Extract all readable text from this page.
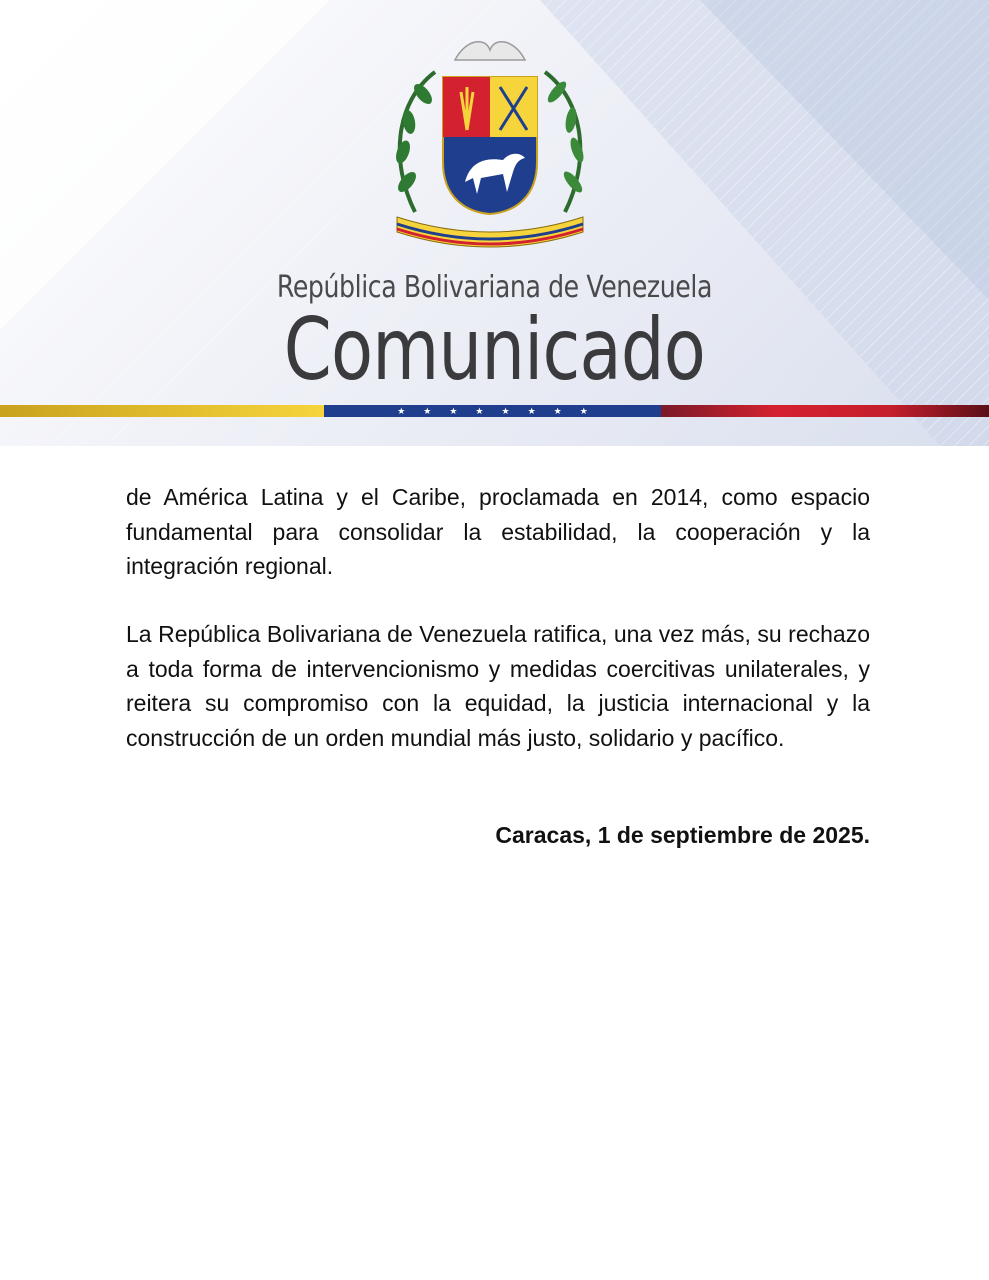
República Bolivariana de Venezuela
Comunicado
★ ★ ★ ★ ★ ★ ★ ★

de América Latina y el Caribe, proclamada en 2014, como espacio fundamental para consolidar la estabilidad, la cooperación y la integración regional.

La República Bolivariana de Venezuela ratifica, una vez más, su rechazo a toda forma de intervencionismo y medidas coercitivas unilaterales, y reitera su compromiso con la equidad, la justicia internacional y la construcción de un orden mundial más justo, solidario y pacífico.

Caracas, 1 de septiembre de 2025.
